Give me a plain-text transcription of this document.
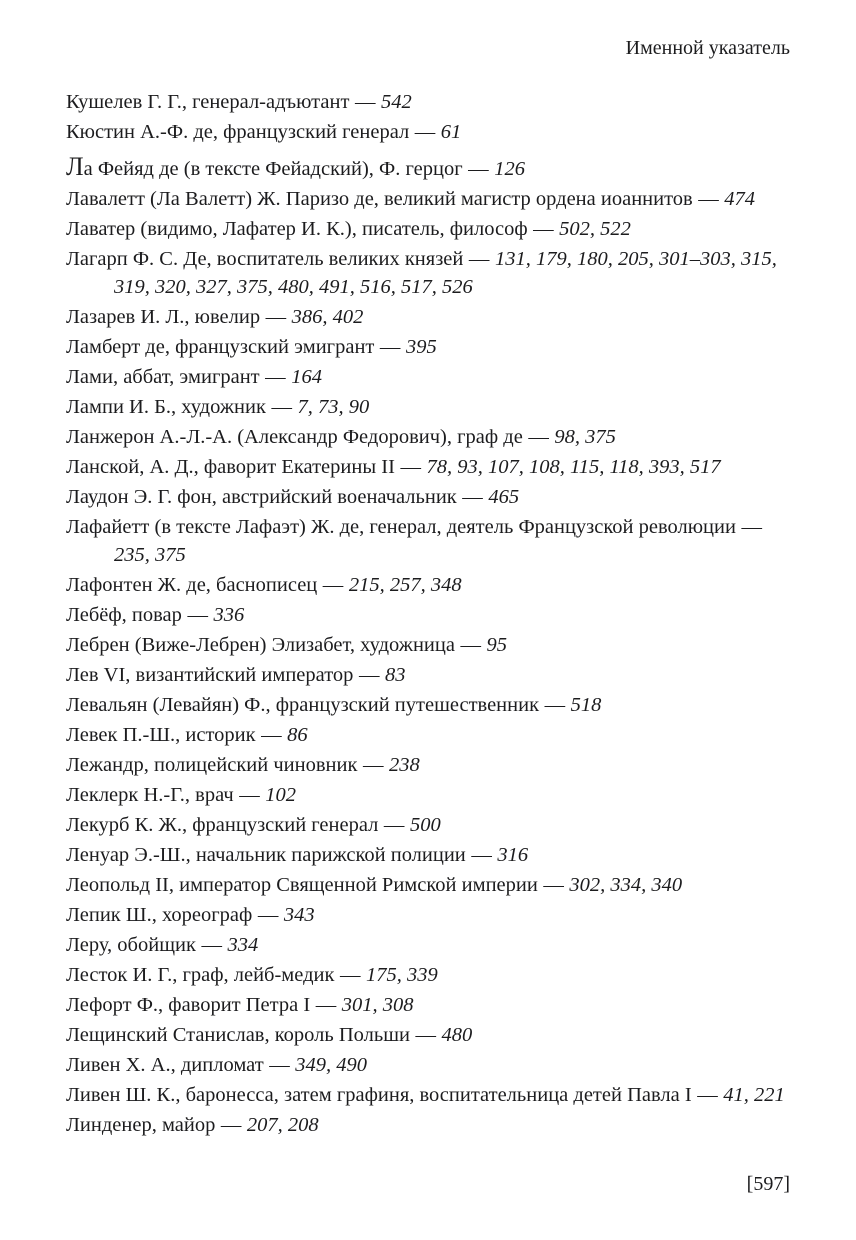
Именной указатель

Кушелев Г. Г., генерал-адъютант — 542

Кюстин А.-Ф. де, французский генерал — 61

Ла Фейяд де (в тексте Фейадский), Ф. герцог — 126

Лавалетт (Ла Валетт) Ж. Паризо де, великий магистр ордена иоаннитов — 474

Лаватер (видимо, Лафатер И. К.), писатель, философ — 502, 522

Лагарп Ф. С. Де, воспитатель великих князей — 131, 179, 180, 205, 301–303, 315, 319, 320, 327, 375, 480, 491, 516, 517, 526

Лазарев И. Л., ювелир — 386, 402

Ламберт де, французский эмигрант — 395

Лами, аббат, эмигрант — 164

Лампи И. Б., художник — 7, 73, 90

Ланжерон А.-Л.-А. (Александр Федорович), граф де — 98, 375

Ланской, А. Д., фаворит Екатерины II — 78, 93, 107, 108, 115, 118, 393, 517

Лаудон Э. Г. фон, австрийский военачальник — 465

Лафайетт (в тексте Лафаэт) Ж. де, генерал, деятель Французской революции —235, 375

Лафонтен Ж. де, баснописец — 215, 257, 348

Лебёф, повар — 336

Лебрен (Виже-Лебрен) Элизабет, художница — 95

Лев VI, византийский император — 83

Левальян (Левайян) Ф., французский путешественник — 518

Левек П.-Ш., историк — 86

Лежандр, полицейский чиновник — 238

Леклерк Н.-Г., врач — 102

Лекурб К. Ж., французский генерал — 500

Ленуар Э.-Ш., начальник парижской полиции — 316

Леопольд II, император Священной Римской империи — 302, 334, 340

Лепик Ш., хореограф — 343

Леру, обойщик — 334

Лесток И. Г., граф, лейб-медик — 175, 339

Лефорт Ф., фаворит Петра I — 301, 308

Лещинский Станислав, король Польши — 480

Ливен Х. А., дипломат — 349, 490

Ливен Ш. К., баронесса, затем графиня, воспитательница детей Павла I — 41, 221

Линденер, майор — 207, 208

[597]
